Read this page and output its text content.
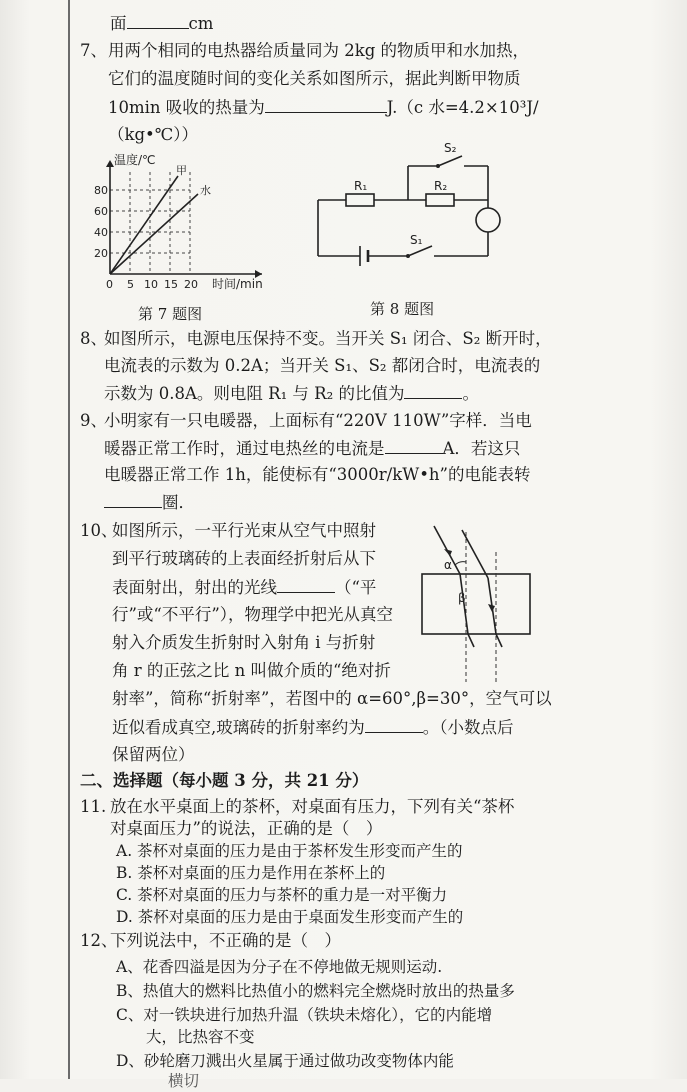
面	cm
7、 用两个相同的电热器给质量同为 2kg 的物质甲和水加热，
它们的温度随时间的变化关系如图所示，据此判断甲物质
10min 吸收的热量为	J.（c 水=4.2×10³J/
（kg•℃））
温度/℃
甲
水
20
40
60
80
0 5 10 15 20 时间/min
第 7 题图
R₁	R₂
S₂
S₁
第 8 题图
8、
如图所示，电源电压保持不变。当开关 S₁ 闭合、S₂ 断开时，
电流表的示数为 0.2A；当开关 S₁、S₂ 都闭合时，电流表的
示数为 0.8A。则电阻 R₁ 与 R₂ 的比值为	。
9、
小明家有一只电暖器，上面标有“220V 110W”字样．当电
暖器正常工作时，通过电热丝的电流是	A．若这只
电暖器正常工作 1h，能使标有“3000r/kW•h”的电能表转
圈．
10、
如图所示，一平行光束从空气中照射
到平行玻璃砖的上表面经折射后从下
表面射出，射出的光线	（“平
行”或“不平行”），物理学中把光从真空
射入介质发生折射时入射角 i 与折射
角 r 的正弦之比 n 叫做介质的“绝对折
射率”，简称“折射率”，若图中的 α=60°,β=30°，空气可以
近似看成真空,玻璃砖的折射率约为	。（小数点后
保留两位）
α
β
二、选择题（每小题 3 分，共 21 分）
11. 放在水平桌面上的茶杯，对桌面有压力，下列有关“茶杯
对桌面压力”的说法，正确的是（　）
A. 茶杯对桌面的压力是由于茶杯发生形变而产生的
B. 茶杯对桌面的压力是作用在茶杯上的
C. 茶杯对桌面的压力与茶杯的重力是一对平衡力
D. 茶杯对桌面的压力是由于桌面发生形变而产生的
12、
下列说法中，不正确的是（　）
A、花香四溢是因为分子在不停地做无规则运动.
B、热值大的燃料比热值小的燃料完全燃烧时放出的热量多
C、对一铁块进行加热升温（铁块未熔化），它的内能增
大，比热容不变
D、砂轮磨刀溅出火星属于通过做功改变物体内能
横切
